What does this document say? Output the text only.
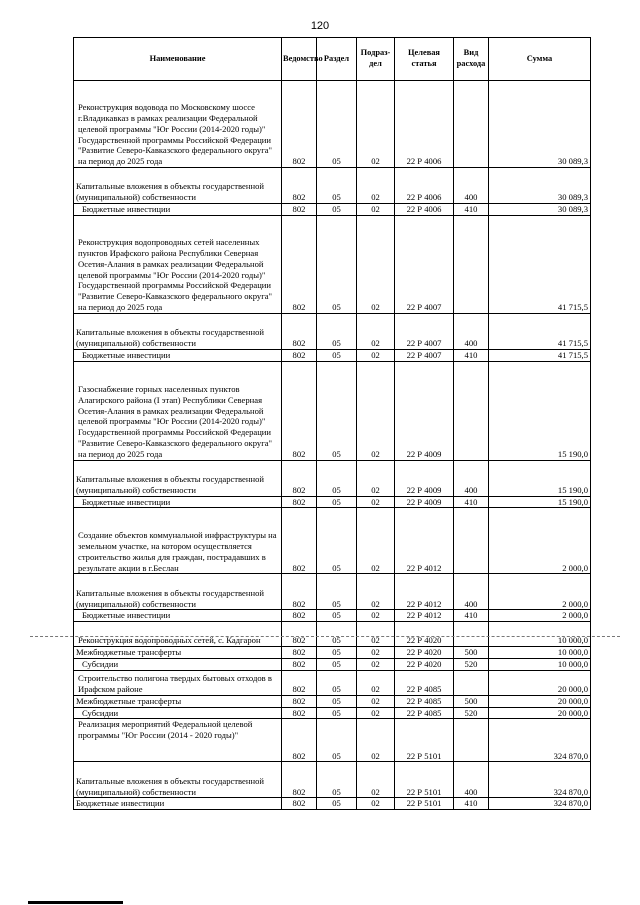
120
Наименование	Ведомство	Раздел	Подраз-дел	Целевая статья	Вид расхода	Сумма
Реконструкция водовода по Московскому шоссе г.Владикавказ в рамках реализации Федеральной целевой программы "Юг России (2014-2020 годы)" Государственной программы Российской Федерации "Развитие Северо-Кавказского федерального округа" на период до 2025 года	802	05	02	22 Р 4006		30 089,3
Капитальные вложения в объекты государственной (муниципальной) собственности	802	05	02	22 Р 4006	400	30 089,3
Бюджетные инвестиции	802	05	02	22 Р 4006	410	30 089,3
Реконструкция водопроводных сетей населенных пунктов Ирафского района Республики Северная Осетия-Алания в рамках реализации Федеральной целевой программы "Юг России (2014-2020 годы)" Государственной программы Российской Федерации "Развитие Северо-Кавказского федерального округа" на период до 2025 года	802	05	02	22 Р 4007		41 715,5
Капитальные вложения в объекты государственной (муниципальной) собственности	802	05	02	22 Р 4007	400	41 715,5
Бюджетные инвестиции	802	05	02	22 Р 4007	410	41 715,5
Газоснабжение горных населенных пунктов Алагирского района (I этап) Республики Северная Осетия-Алания в рамках реализации Федеральной целевой программы "Юг России (2014-2020 годы)" Государственной программы Российской Федерации "Развитие Северо-Кавказского федерального округа" на период до 2025 года	802	05	02	22 Р 4009		15 190,0
Капитальные вложения в объекты государственной (муниципальной) собственности	802	05	02	22 Р 4009	400	15 190,0
Бюджетные инвестиции	802	05	02	22 Р 4009	410	15 190,0
Создание объектов коммунальной инфраструктуры на земельном участке, на котором осуществляется строительство жилья для граждан, пострадавших в результате акции в г.Беслан	802	05	02	22 Р 4012		2 000,0
Капитальные вложения в объекты государственной (муниципальной) собственности	802	05	02	22 Р 4012	400	2 000,0
Бюджетные инвестиции	802	05	02	22 Р 4012	410	2 000,0
Реконструкция водопроводных сетей, с. Кадгарон	802	05	02	22 Р 4020		10 000,0
Межбюджетные трансферты	802	05	02	22 Р 4020	500	10 000,0
Субсидии	802	05	02	22 Р 4020	520	10 000,0
Строительство полигона твердых бытовых отходов в Ирафском районе	802	05	02	22 Р 4085		20 000,0
Межбюджетные трансферты	802	05	02	22 Р 4085	500	20 000,0
Субсидии	802	05	02	22 Р 4085	520	20 000,0
Реализация мероприятий Федеральной целевой программы "Юг России (2014 - 2020 годы)"	802	05	02	22 Р 5101		324 870,0
Капитальные вложения в объекты государственной (муниципальной) собственности	802	05	02	22 Р 5101	400	324 870,0
Бюджетные инвестиции	802	05	02	22 Р 5101	410	324 870,0
